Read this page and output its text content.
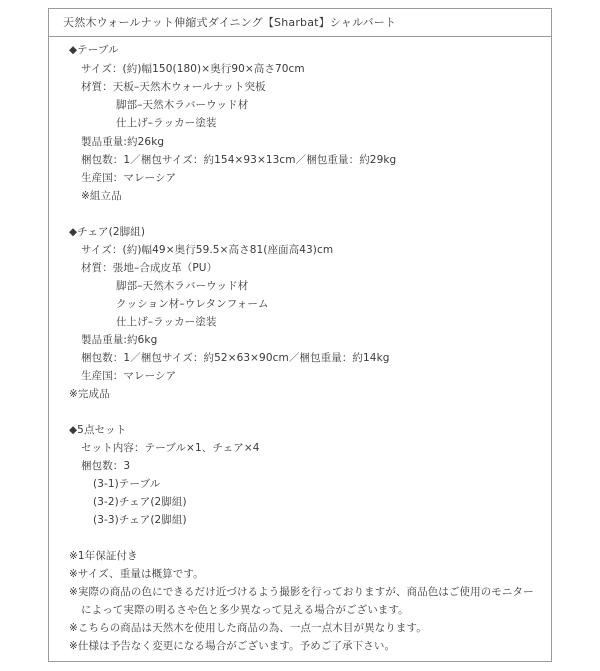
天然木ウォールナット伸縮式ダイニング【Sharbat】シャルバート
◆テーブル
サイズ：(約)幅150(180)×奥行90×高さ70cm
材質：天板–天然木ウォールナット突板
脚部–天然木ラバーウッド材
仕上げ–ラッカー塗装
製品重量:約26kg
梱包数：1／梱包サイズ：約154×93×13cm／梱包重量：約29kg
生産国：マレーシア
※組立品
◆チェア(2脚組)
サイズ：(約)幅49×奥行59.5×高さ81(座面高43)cm
材質：張地–合成皮革（PU）
脚部–天然木ラバーウッド材
クッション材–ウレタンフォーム
仕上げ–ラッカー塗装
製品重量:約6kg
梱包数：1／梱包サイズ：約52×63×90cm／梱包重量：約14kg
生産国：マレーシア
※完成品
◆5点セット
セット内容：テーブル×1、チェア×4
梱包数：3
(3-1)テーブル
(3-2)チェア(2脚組)
(3-3)チェア(2脚組)
※1年保証付き
※サイズ、重量は概算です。
※実際の商品の色にできるだけ近づけるよう撮影を行っておりますが、商品色はご使用のモニター
によって実際の明るさや色と多少異なって見える場合がございます。
※こちらの商品は天然木を使用した商品の為、一点一点木目が異なります。
※仕様は予告なく変更になる場合がございます。予めご了承下さい。
